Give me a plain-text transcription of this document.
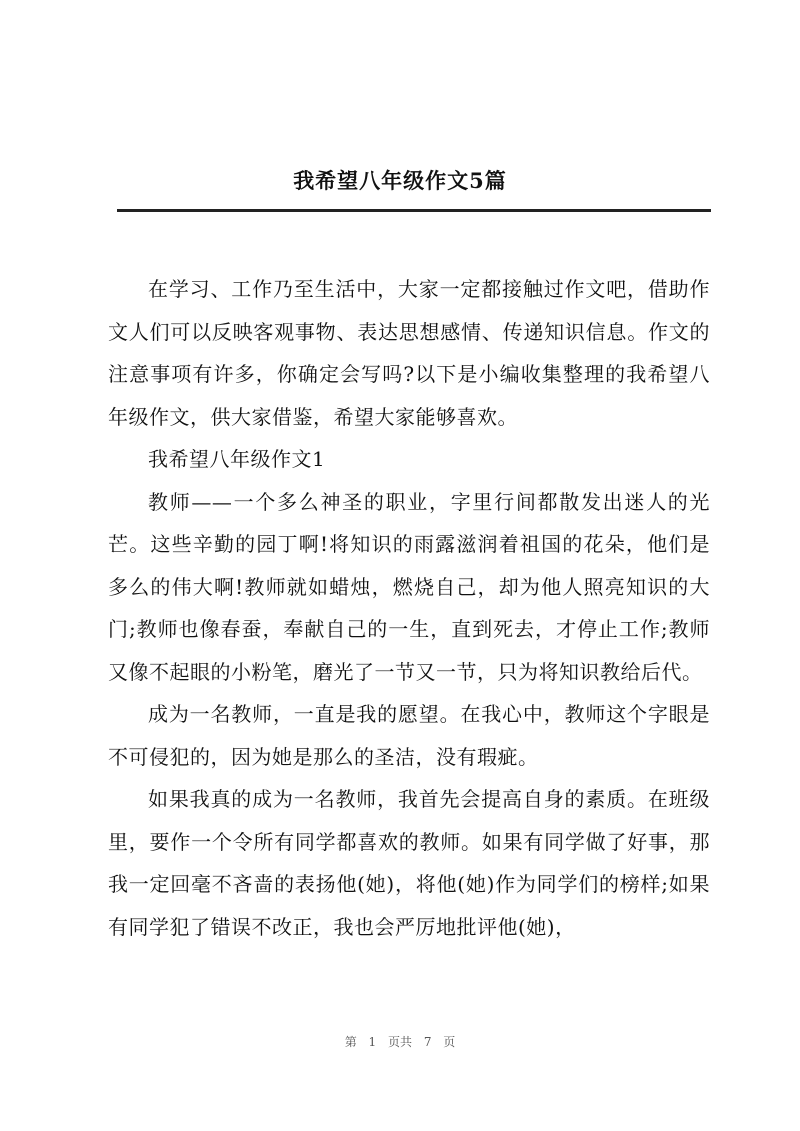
我希望八年级作文5篇

在学习、工作乃至生活中，大家一定都接触过作文吧，借助作文人们可以反映客观事物、表达思想感情、传递知识信息。作文的注意事项有许多，你确定会写吗?以下是小编收集整理的我希望八年级作文，供大家借鉴，希望大家能够喜欢。

我希望八年级作文1

教师——一个多么神圣的职业，字里行间都散发出迷人的光芒。这些辛勤的园丁啊!将知识的雨露滋润着祖国的花朵，他们是多么的伟大啊!教师就如蜡烛，燃烧自己，却为他人照亮知识的大门;教师也像春蚕，奉献自己的一生，直到死去，才停止工作;教师又像不起眼的小粉笔，磨光了一节又一节，只为将知识教给后代。

成为一名教师，一直是我的愿望。在我心中，教师这个字眼是不可侵犯的，因为她是那么的圣洁，没有瑕疵。

如果我真的成为一名教师，我首先会提高自身的素质。在班级里，要作一个令所有同学都喜欢的教师。如果有同学做了好事，那我一定回毫不吝啬的表扬他(她)，将他(她)作为同学们的榜样;如果有同学犯了错误不改正，我也会严厉地批评他(她)，

第 1 页共 7 页
